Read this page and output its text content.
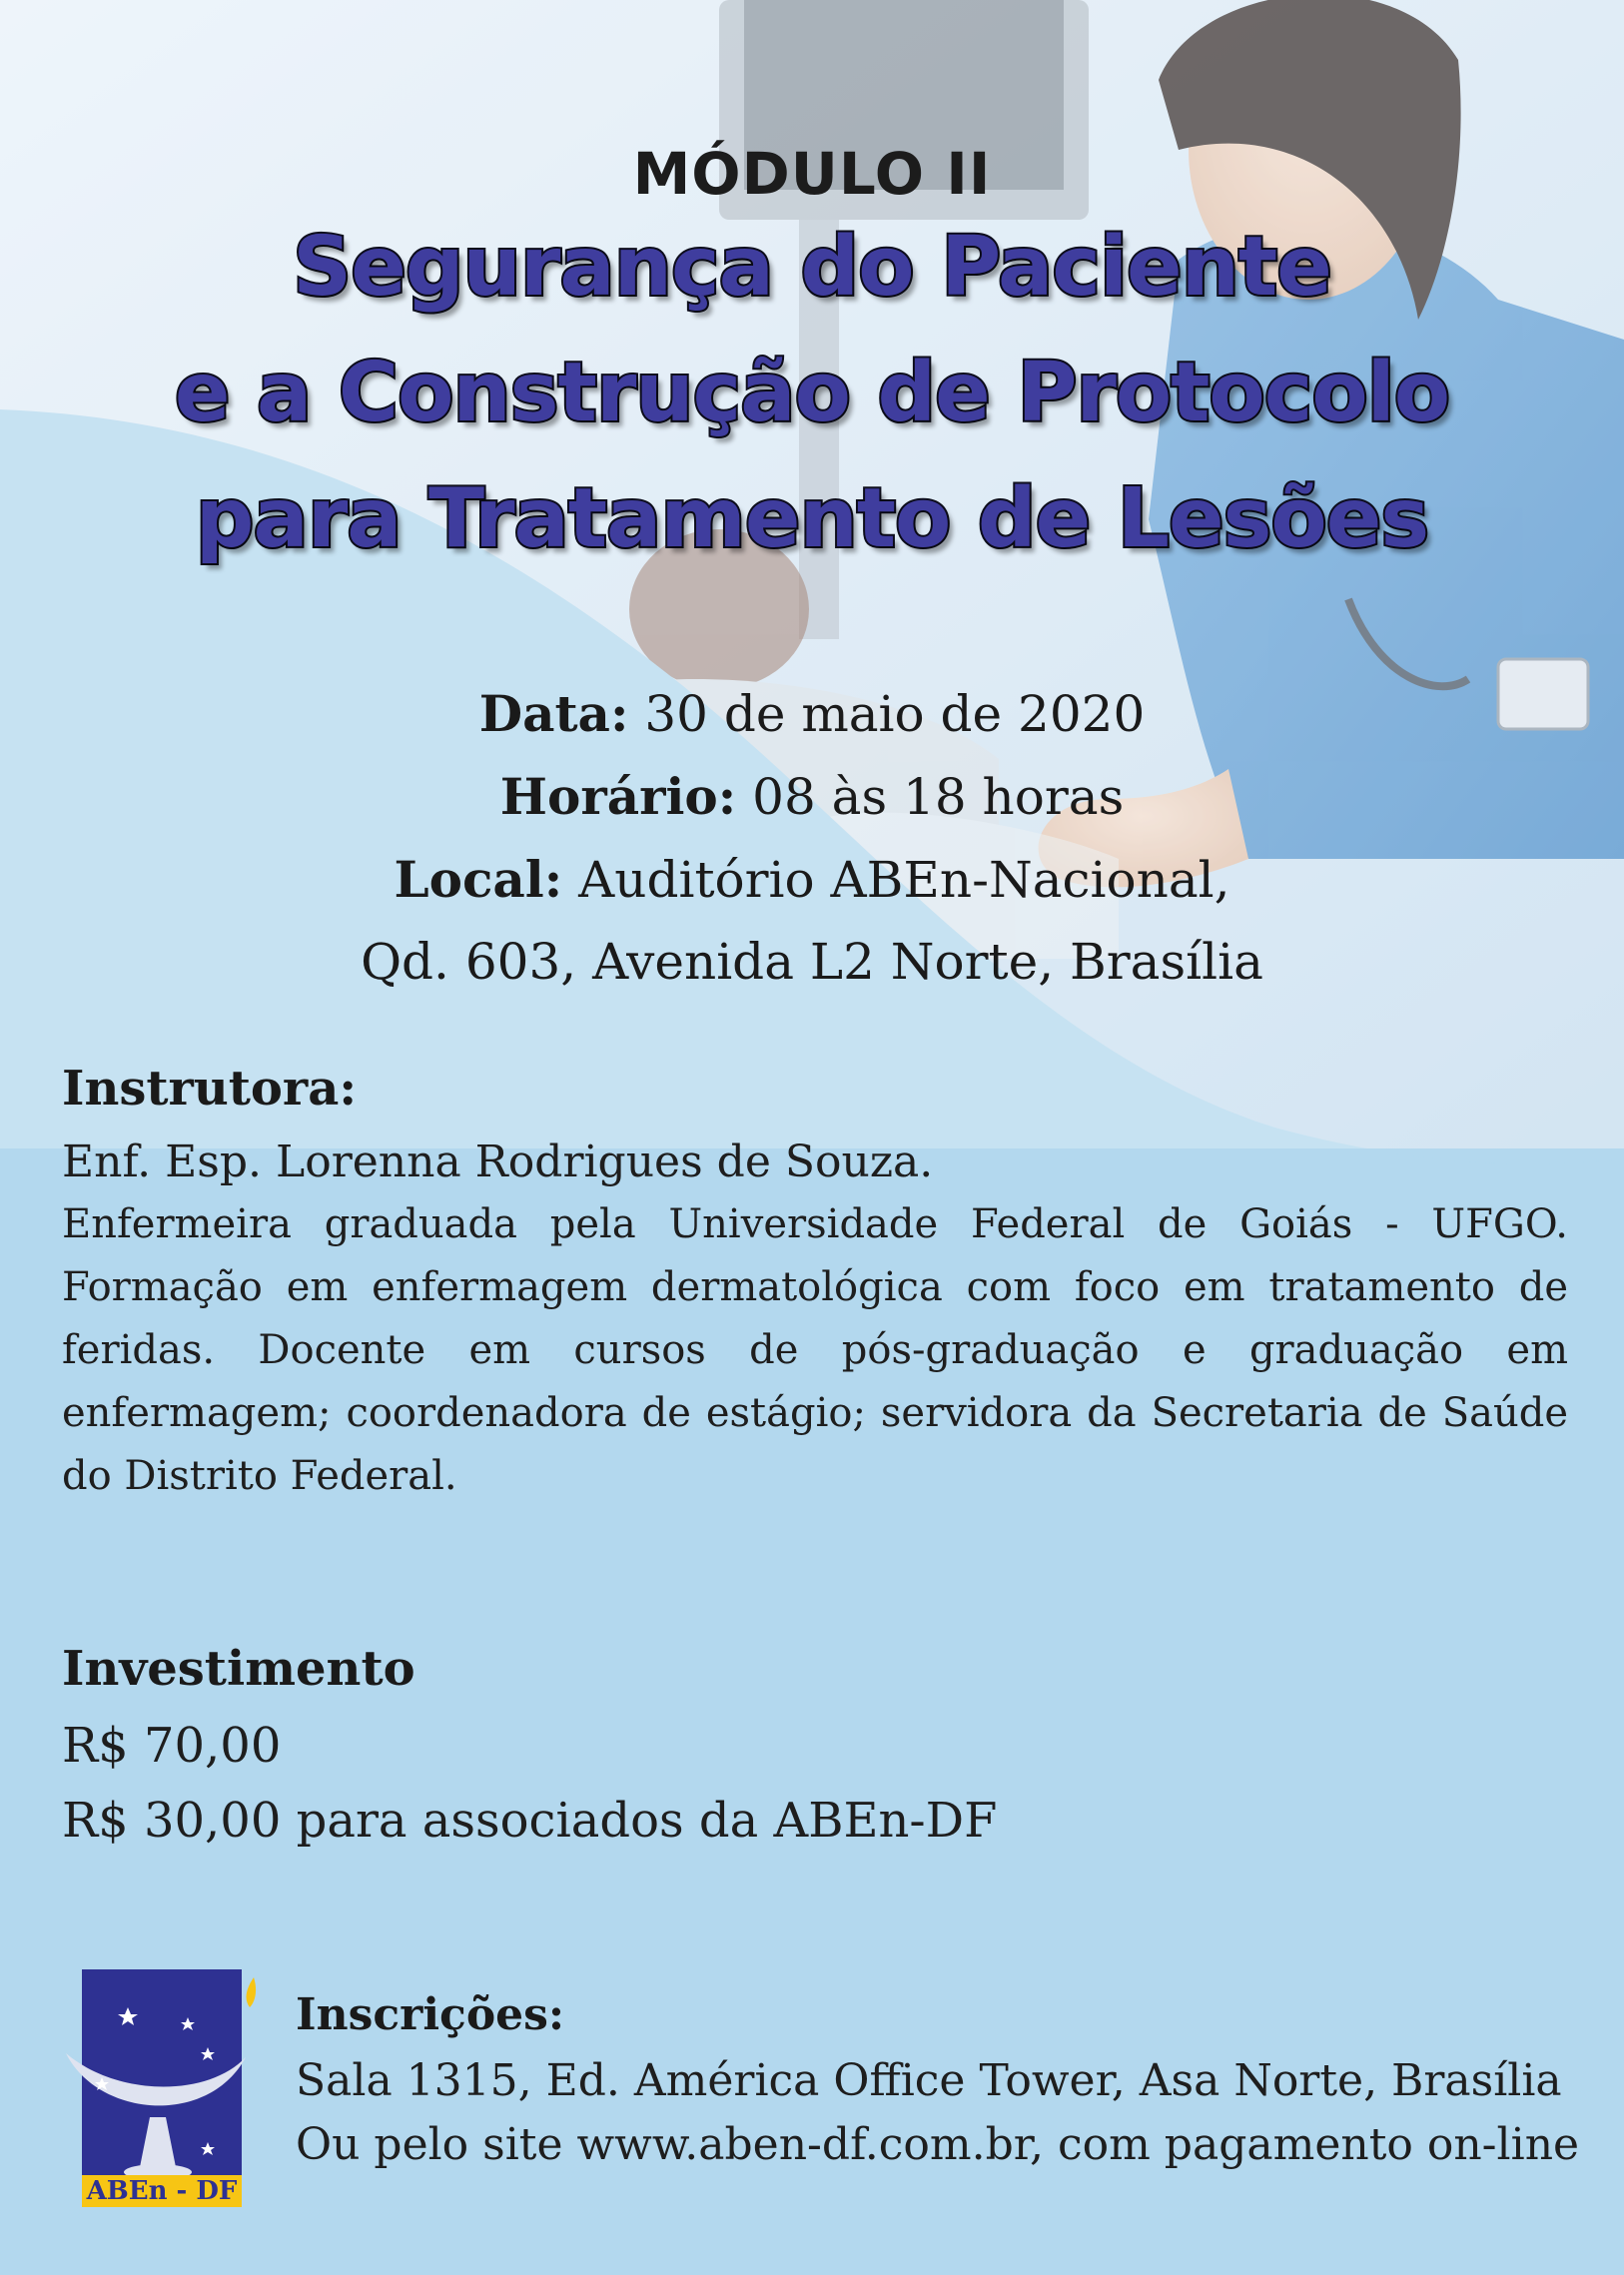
MÓDULO II
Segurança do Paciente
e a Construção de Protocolo
para Tratamento de Lesões
Data: 30 de maio de 2020
Horário: 08 às 18 horas
Local: Auditório ABEn-Nacional,
Qd. 603, Avenida L2 Norte, Brasília
Instrutora:
Enf. Esp. Lorenna Rodrigues de Souza.
Enfermeira graduada pela Universidade Federal de Goiás - UFGO. Formação em enfermagem dermatológica com foco em tratamento de feridas. Docente em cursos de pós-graduação e graduação em enfermagem; coordenadora de estágio; servidora da Secretaria de Saúde do Distrito Federal.
Investimento
R$ 70,00
R$ 30,00 para associados da ABEn-DF
ABEn - DF
Inscrições:
Sala 1315, Ed. América Office Tower, Asa Norte, Brasília
Ou pelo site www.aben-df.com.br, com pagamento on-line
